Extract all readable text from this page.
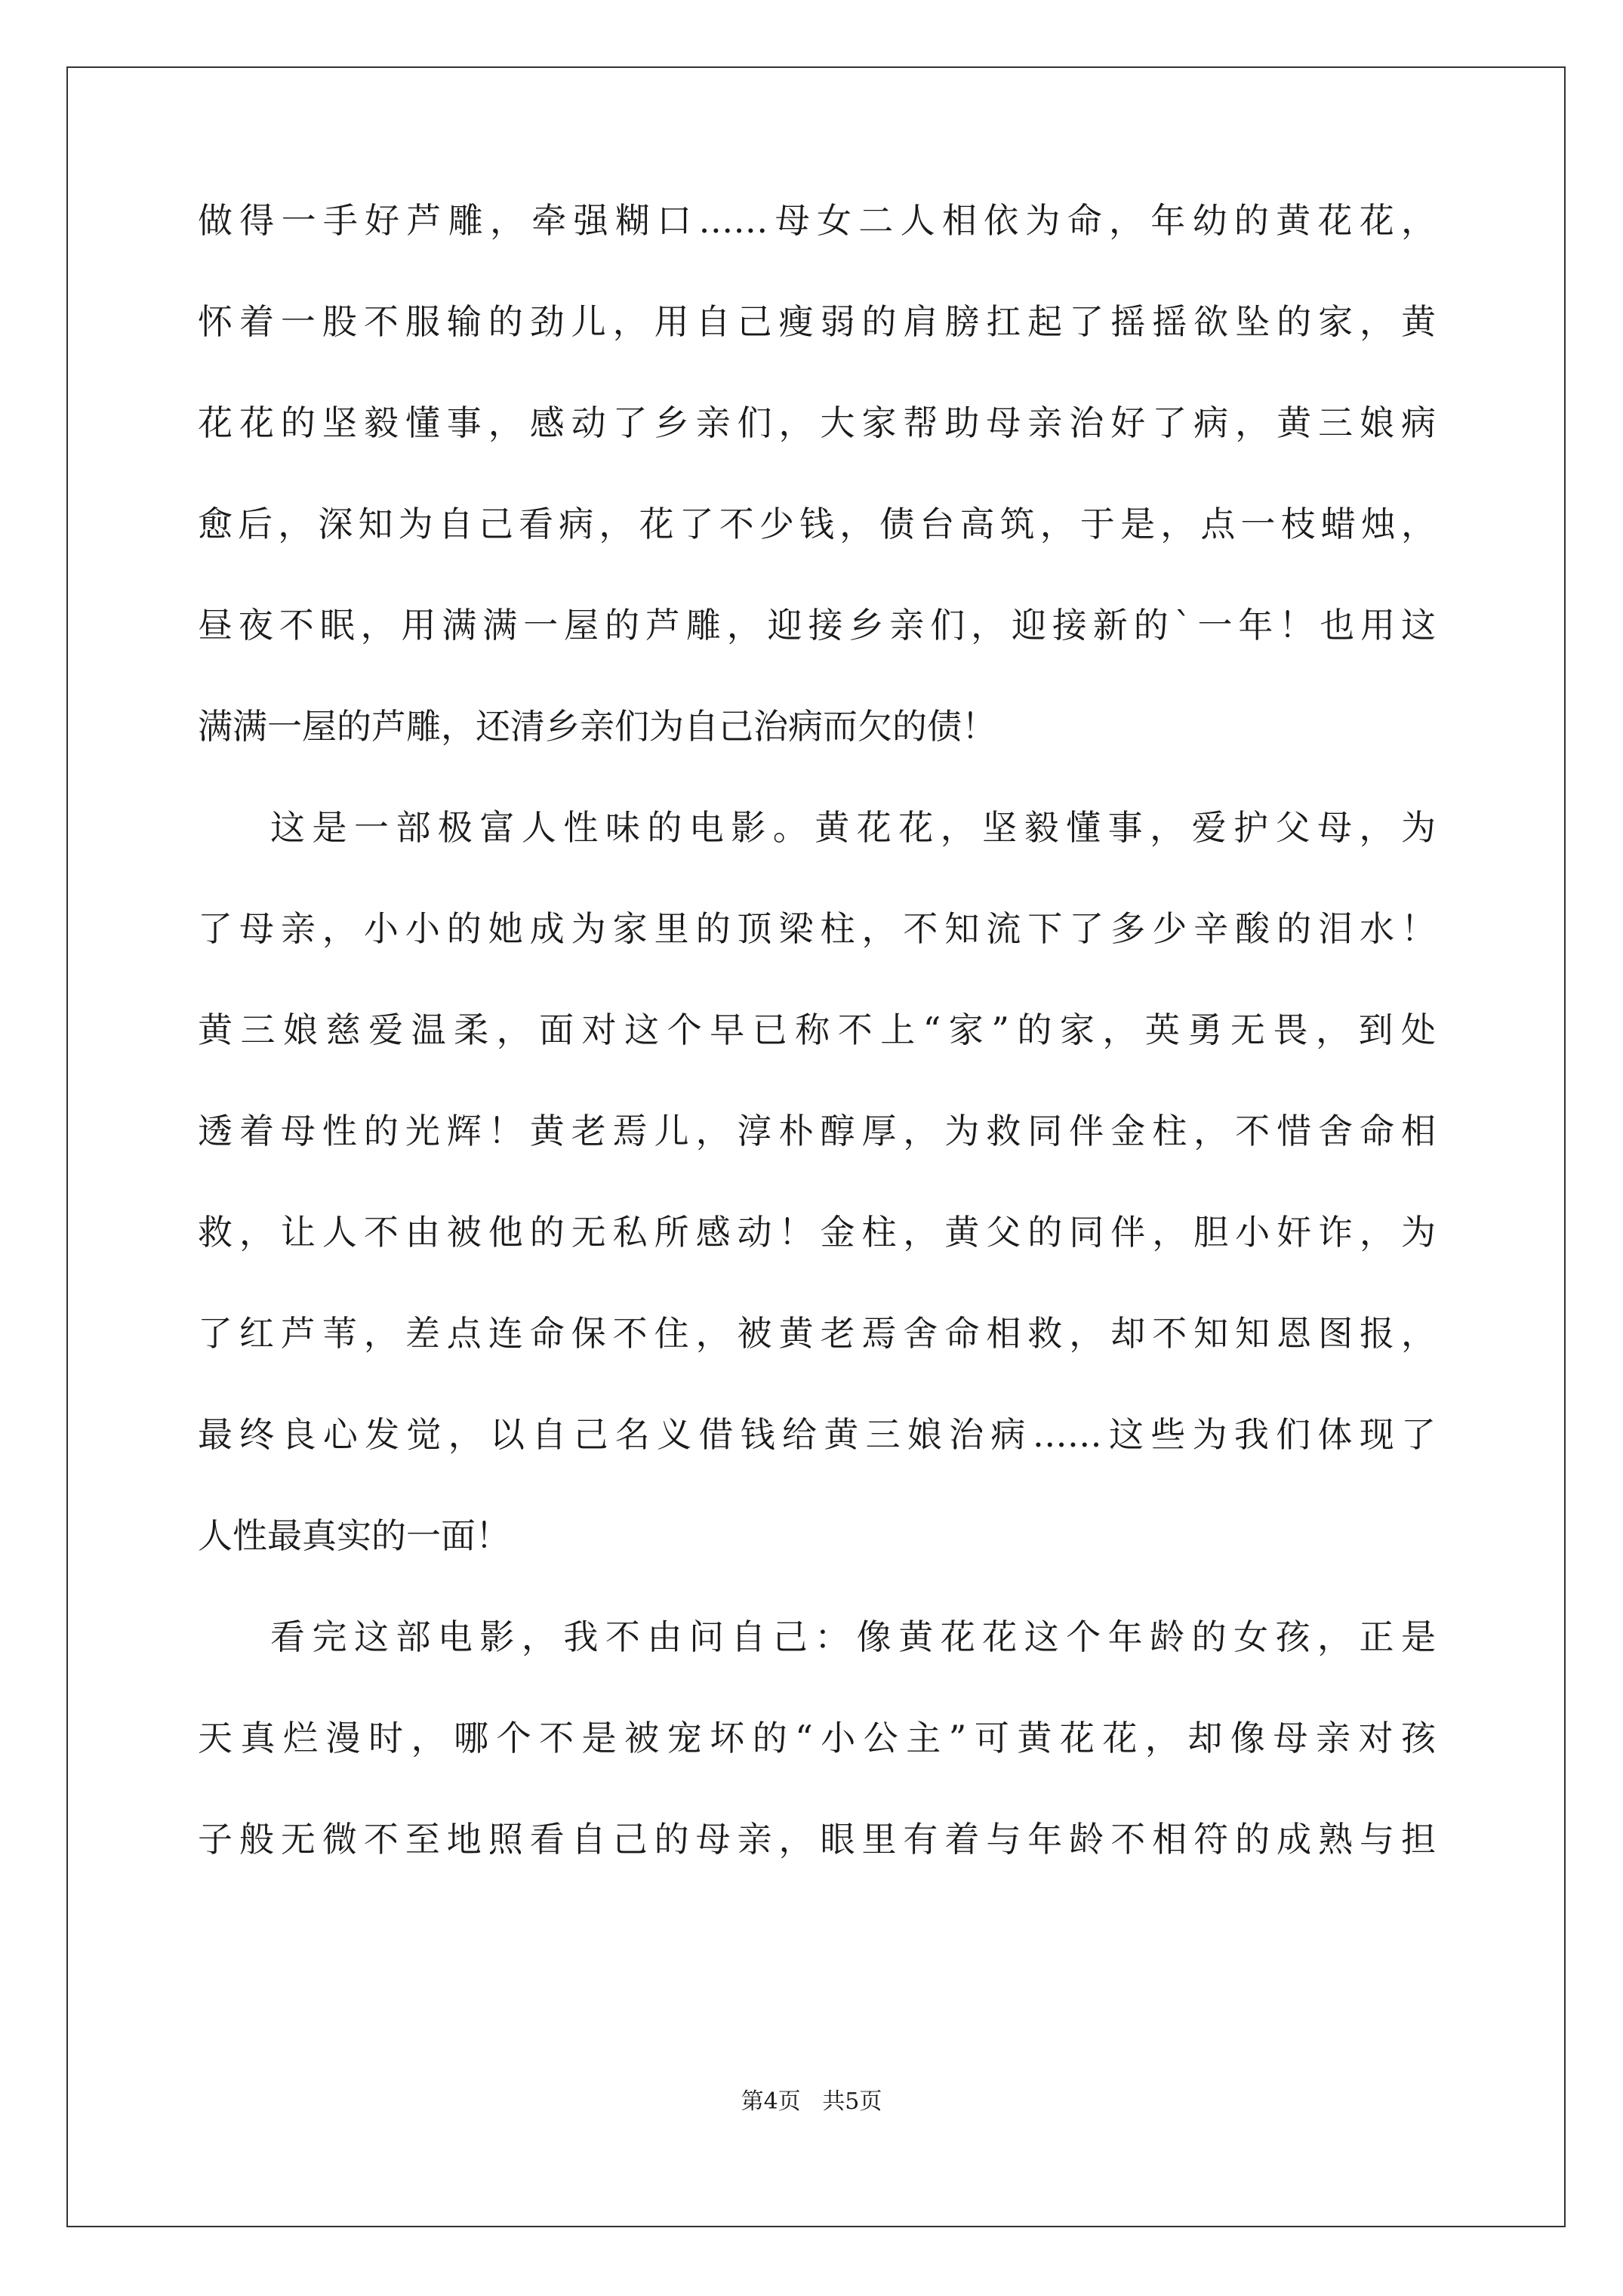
做得一手好芦雕，牵强糊口……母女二人相依为命，年幼的黄花花，
怀着一股不服输的劲儿，用自己瘦弱的肩膀扛起了摇摇欲坠的家，黄
花花的坚毅懂事，感动了乡亲们，大家帮助母亲治好了病，黄三娘病
愈后，深知为自己看病，花了不少钱，债台高筑，于是，点一枝蜡烛，
昼夜不眠，用满满一屋的芦雕，迎接乡亲们，迎接新的`一年！也用这
满满一屋的芦雕，还清乡亲们为自己治病而欠的债！
这是一部极富人性味的电影。黄花花，坚毅懂事，爱护父母，为
了母亲，小小的她成为家里的顶梁柱，不知流下了多少辛酸的泪水！
黄三娘慈爱温柔，面对这个早已称不上“家”的家，英勇无畏，到处
透着母性的光辉！黄老焉儿，淳朴醇厚，为救同伴金柱，不惜舍命相
救，让人不由被他的无私所感动！金柱，黄父的同伴，胆小奸诈，为
了红芦苇，差点连命保不住，被黄老焉舍命相救，却不知知恩图报，
最终良心发觉，以自己名义借钱给黄三娘治病……这些为我们体现了
人性最真实的一面！
看完这部电影，我不由问自己：像黄花花这个年龄的女孩，正是
天真烂漫时，哪个不是被宠坏的“小公主”可黄花花，却像母亲对孩
子般无微不至地照看自己的母亲，眼里有着与年龄不相符的成熟与担
第4页   共5页
